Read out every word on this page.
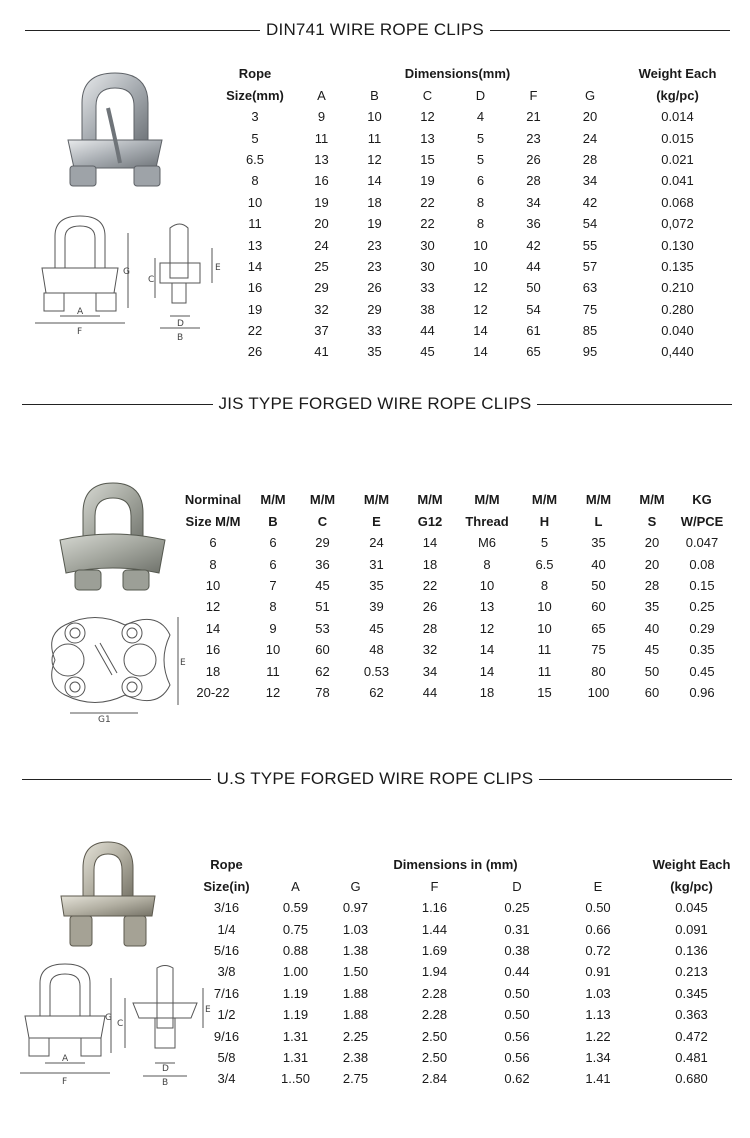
DIN741 WIRE ROPE CLIPS
G
A
F
C
E
D
B
Rope	Dimensions(mm)						Weight Each
Size(mm)	A	B	C	D	F	G	(kg/pc)
3	9	10	12	4	21	20	0.014
5	11	11	13	5	23	24	0.015
6.5	13	12	15	5	26	28	0.021
8	16	14	19	6	28	34	0.041
10	19	18	22	8	34	42	0.068
11	20	19	22	8	36	54	0,072
13	24	23	30	10	42	55	0.130
14	25	23	30	10	44	57	0.135
16	29	26	33	12	50	63	0.210
19	32	29	38	12	54	75	0.280
22	37	33	44	14	61	85	0.040
26	41	35	45	14	65	95	0,440
JIS TYPE FORGED WIRE ROPE CLIPS
E
G1
Norminal	M/M	M/M	M/M	M/M	M/M	M/M	M/M	M/M	KG
Size M/M	B	C	E	G12	Thread	H	L	S	W/PCE
6	6	29	24	14	M6	5	35	20	0.047
8	6	36	31	18	8	6.5	40	20	0.08
10	7	45	35	22	10	8	50	28	0.15
12	8	51	39	26	13	10	60	35	0.25
14	9	53	45	28	12	10	65	40	0.29
16	10	60	48	32	14	11	75	45	0.35
18	11	62	0.53	34	14	11	80	50	0.45
20-22	12	78	62	44	18	15	100	60	0.96
U.S TYPE FORGED WIRE ROPE CLIPS
G
A
F
C
E
D
B
Rope	Dimensions in (mm)					Weight Each
Size(in)	A	G	F	D	E	(kg/pc)
3/16	0.59	0.97	1.16	0.25	0.50	0.045
1/4	0.75	1.03	1.44	0.31	0.66	0.091
5/16	0.88	1.38	1.69	0.38	0.72	0.136
3/8	1.00	1.50	1.94	0.44	0.91	0.213
7/16	1.19	1.88	2.28	0.50	1.03	0.345
1/2	1.19	1.88	2.28	0.50	1.13	0.363
9/16	1.31	2.25	2.50	0.56	1.22	0.472
5/8	1.31	2.38	2.50	0.56	1.34	0.481
3/4	1..50	2.75	2.84	0.62	1.41	0.680
